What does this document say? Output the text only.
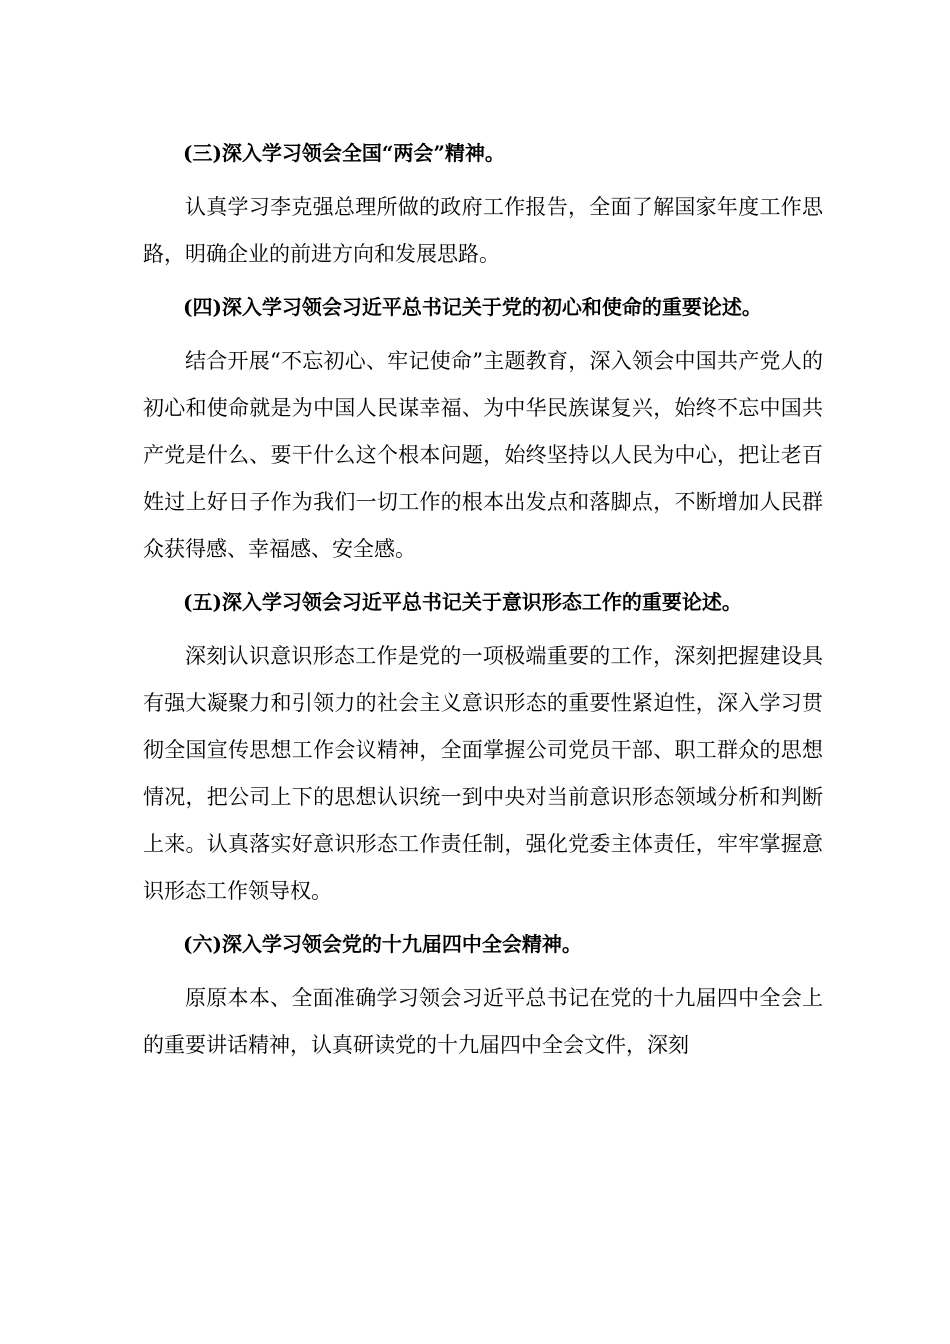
(三)深入学习领会全国“两会”精神。

认真学习李克强总理所做的政府工作报告，全面了解国家年度工作思路，明确企业的前进方向和发展思路。

(四)深入学习领会习近平总书记关于党的初心和使命的重要论述。

结合开展“不忘初心、牢记使命”主题教育，深入领会中国共产党人的初心和使命就是为中国人民谋幸福、为中华民族谋复兴，始终不忘中国共产党是什么、要干什么这个根本问题，始终坚持以人民为中心，把让老百姓过上好日子作为我们一切工作的根本出发点和落脚点，不断增加人民群众获得感、幸福感、安全感。

(五)深入学习领会习近平总书记关于意识形态工作的重要论述。

深刻认识意识形态工作是党的一项极端重要的工作，深刻把握建设具有强大凝聚力和引领力的社会主义意识形态的重要性紧迫性，深入学习贯彻全国宣传思想工作会议精神，全面掌握公司党员干部、职工群众的思想情况，把公司上下的思想认识统一到中央对当前意识形态领域分析和判断上来。认真落实好意识形态工作责任制，强化党委主体责任，牢牢掌握意识形态工作领导权。

(六)深入学习领会党的十九届四中全会精神。

原原本本、全面准确学习领会习近平总书记在党的十九届四中全会上的重要讲话精神，认真研读党的十九届四中全会文件，深刻
